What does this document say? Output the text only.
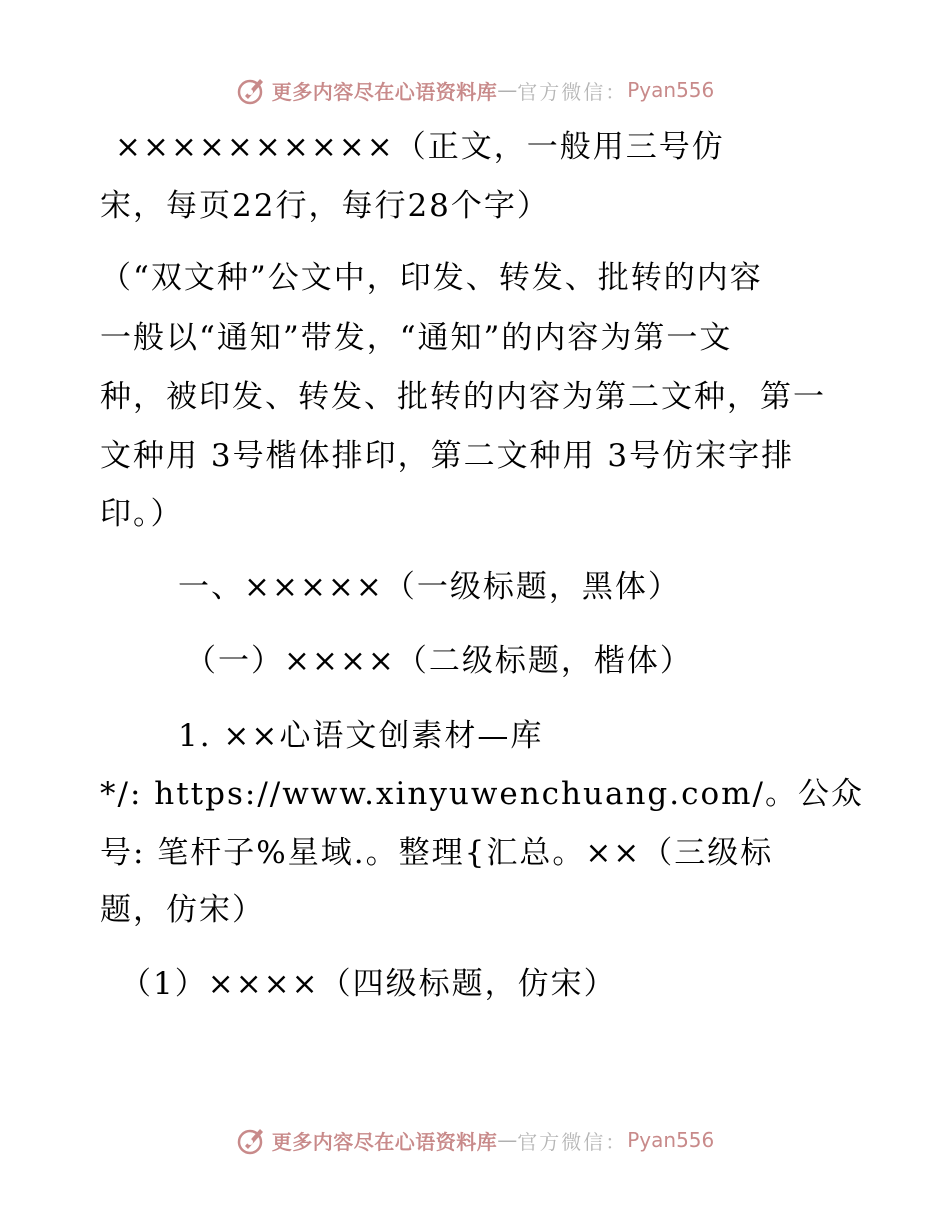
更多内容尽在心语资料库 — 官方微信： Pyan556
××××××××××（正文，一般用三号仿
宋，每页22行，每行28个字）
（“双文种”公文中，印发、转发、批转的内容
一般以“通知”带发，“通知”的内容为第一文
种，被印发、转发、批转的内容为第二文种，第一
文种用 3号楷体排印，第二文种用 3号仿宋字排
印。）
一、×××××（一级标题，黑体）
（一）××××（二级标题，楷体）
1. ××心语文创素材—库
*/: https://www.xinyuwenchuang.com/。公众
号: 笔杆子%星域.。整理{汇总。××（三级标
题，仿宋）
（1）××××（四级标题，仿宋）
更多内容尽在心语资料库 — 官方微信： Pyan556
